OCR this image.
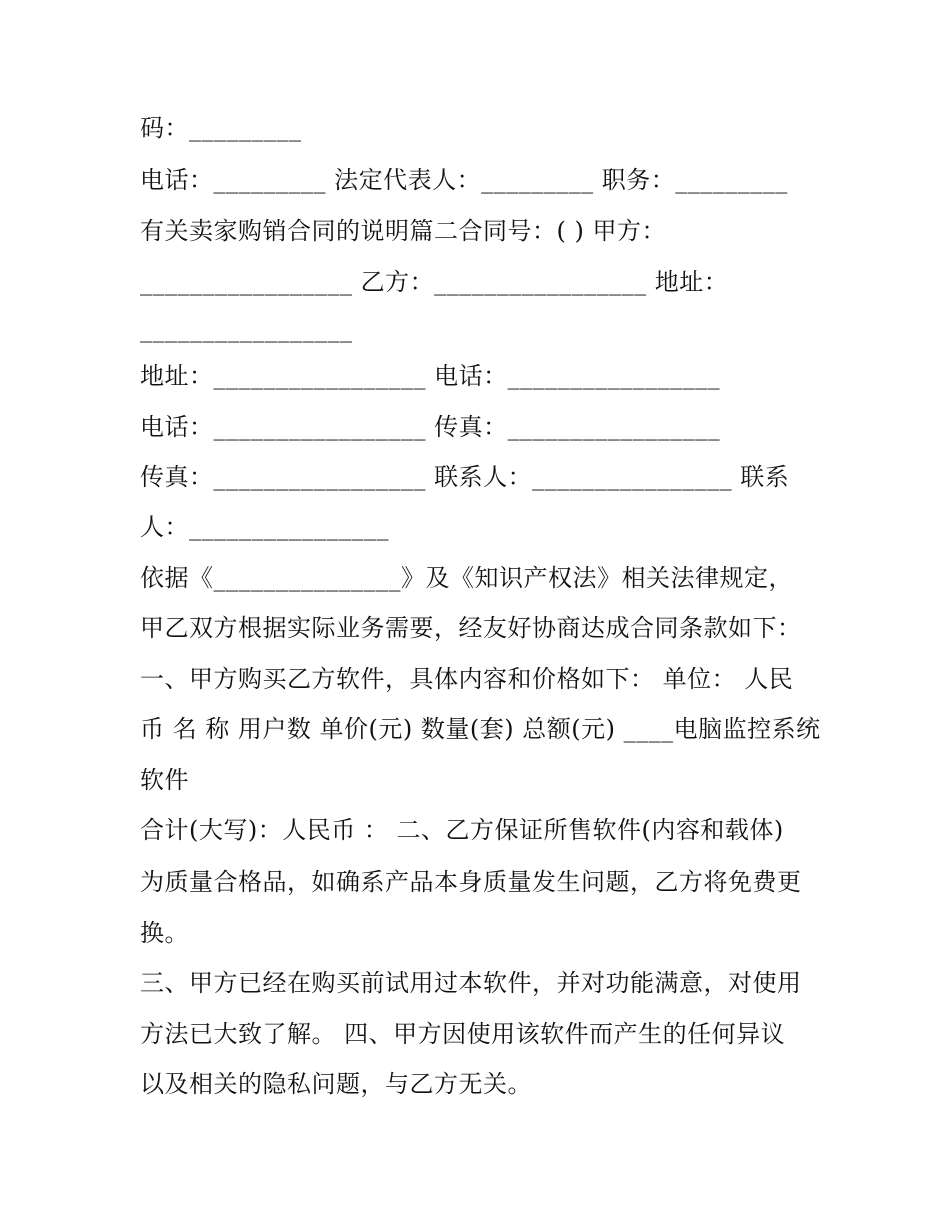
码：_________
电话：_________ 法定代表人：_________ 职务：_________
有关卖家购销合同的说明篇二合同号：( ) 甲方：
_________________ 乙方：_________________ 地址：
_________________
地址：_________________ 电话：_________________
电话：_________________ 传真：_________________
传真：_________________ 联系人：________________ 联系
人：________________
依据《_______________》及《知识产权法》相关法律规定，
甲乙双方根据实际业务需要，经友好协商达成合同条款如下：
一、甲方购买乙方软件，具体内容和价格如下： 单位： 人民
币 名 称 用户数 单价(元) 数量(套) 总额(元) ____电脑监控系统
软件
合计(大写)：人民币 ： 二、乙方保证所售软件(内容和载体)
为质量合格品，如确系产品本身质量发生问题，乙方将免费更
换。
三、甲方已经在购买前试用过本软件，并对功能满意，对使用
方法已大致了解。 四、甲方因使用该软件而产生的任何异议
以及相关的隐私问题，与乙方无关。
